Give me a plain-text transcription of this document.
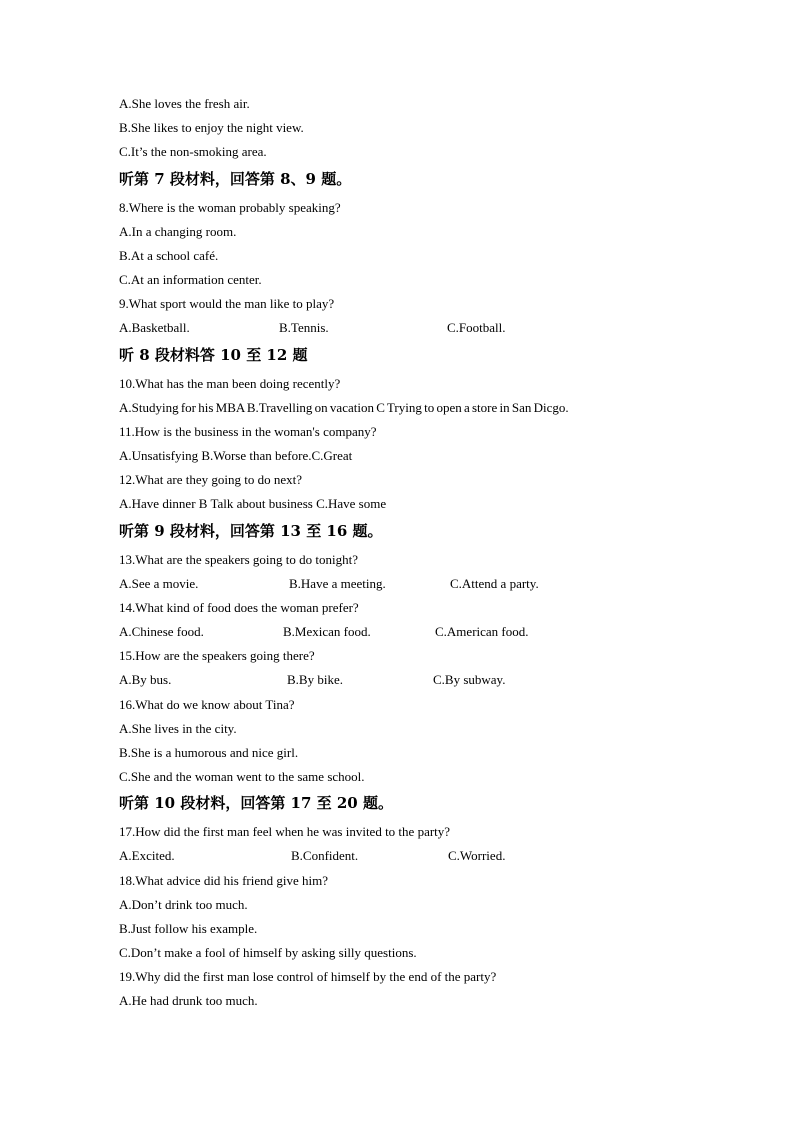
A.She loves the fresh air.
B.She likes to enjoy the night view.
C.It’s the non-smoking area.
听第 7 段材料，回答第 8、9 题。
8.Where is the woman probably speaking?
A.In a changing room.
B.At a school café.
C.At an information center.
9.What sport would the man like to play?
A.Basketball.	B.Tennis.	C.Football.
听 8 段材料答 10 至 12 题
10.What has the man been doing recently?
A.Studying for his MBA B.Travelling on vacation C Trying to open a store in San Dicgo.
11.How is the business in the woman's company?
A.Unsatisfying B.Worse than before.C.Great
12.What are they going to do next?
A.Have dinner B Talk about business C.Have some
听第 9 段材料，回答第 13 至 16 题。
13.What are the speakers going to do tonight?
A.See a movie.	B.Have a meeting.	C.Attend a party.
14.What kind of food does the woman prefer?
A.Chinese food.	B.Mexican food.	C.American food.
15.How are the speakers going there?
A.By bus.	B.By bike.	C.By subway.
16.What do we know about Tina?
A.She lives in the city.
B.She is a humorous and nice girl.
C.She and the woman went to the same school.
听第 10 段材料，回答第 17 至 20 题。
17.How did the first man feel when he was invited to the party?
A.Excited.	B.Confident.	C.Worried.
18.What advice did his friend give him?
A.Don’t drink too much.
B.Just follow his example.
C.Don’t make a fool of himself by asking silly questions.
19.Why did the first man lose control of himself by the end of the party?
A.He had drunk too much.
